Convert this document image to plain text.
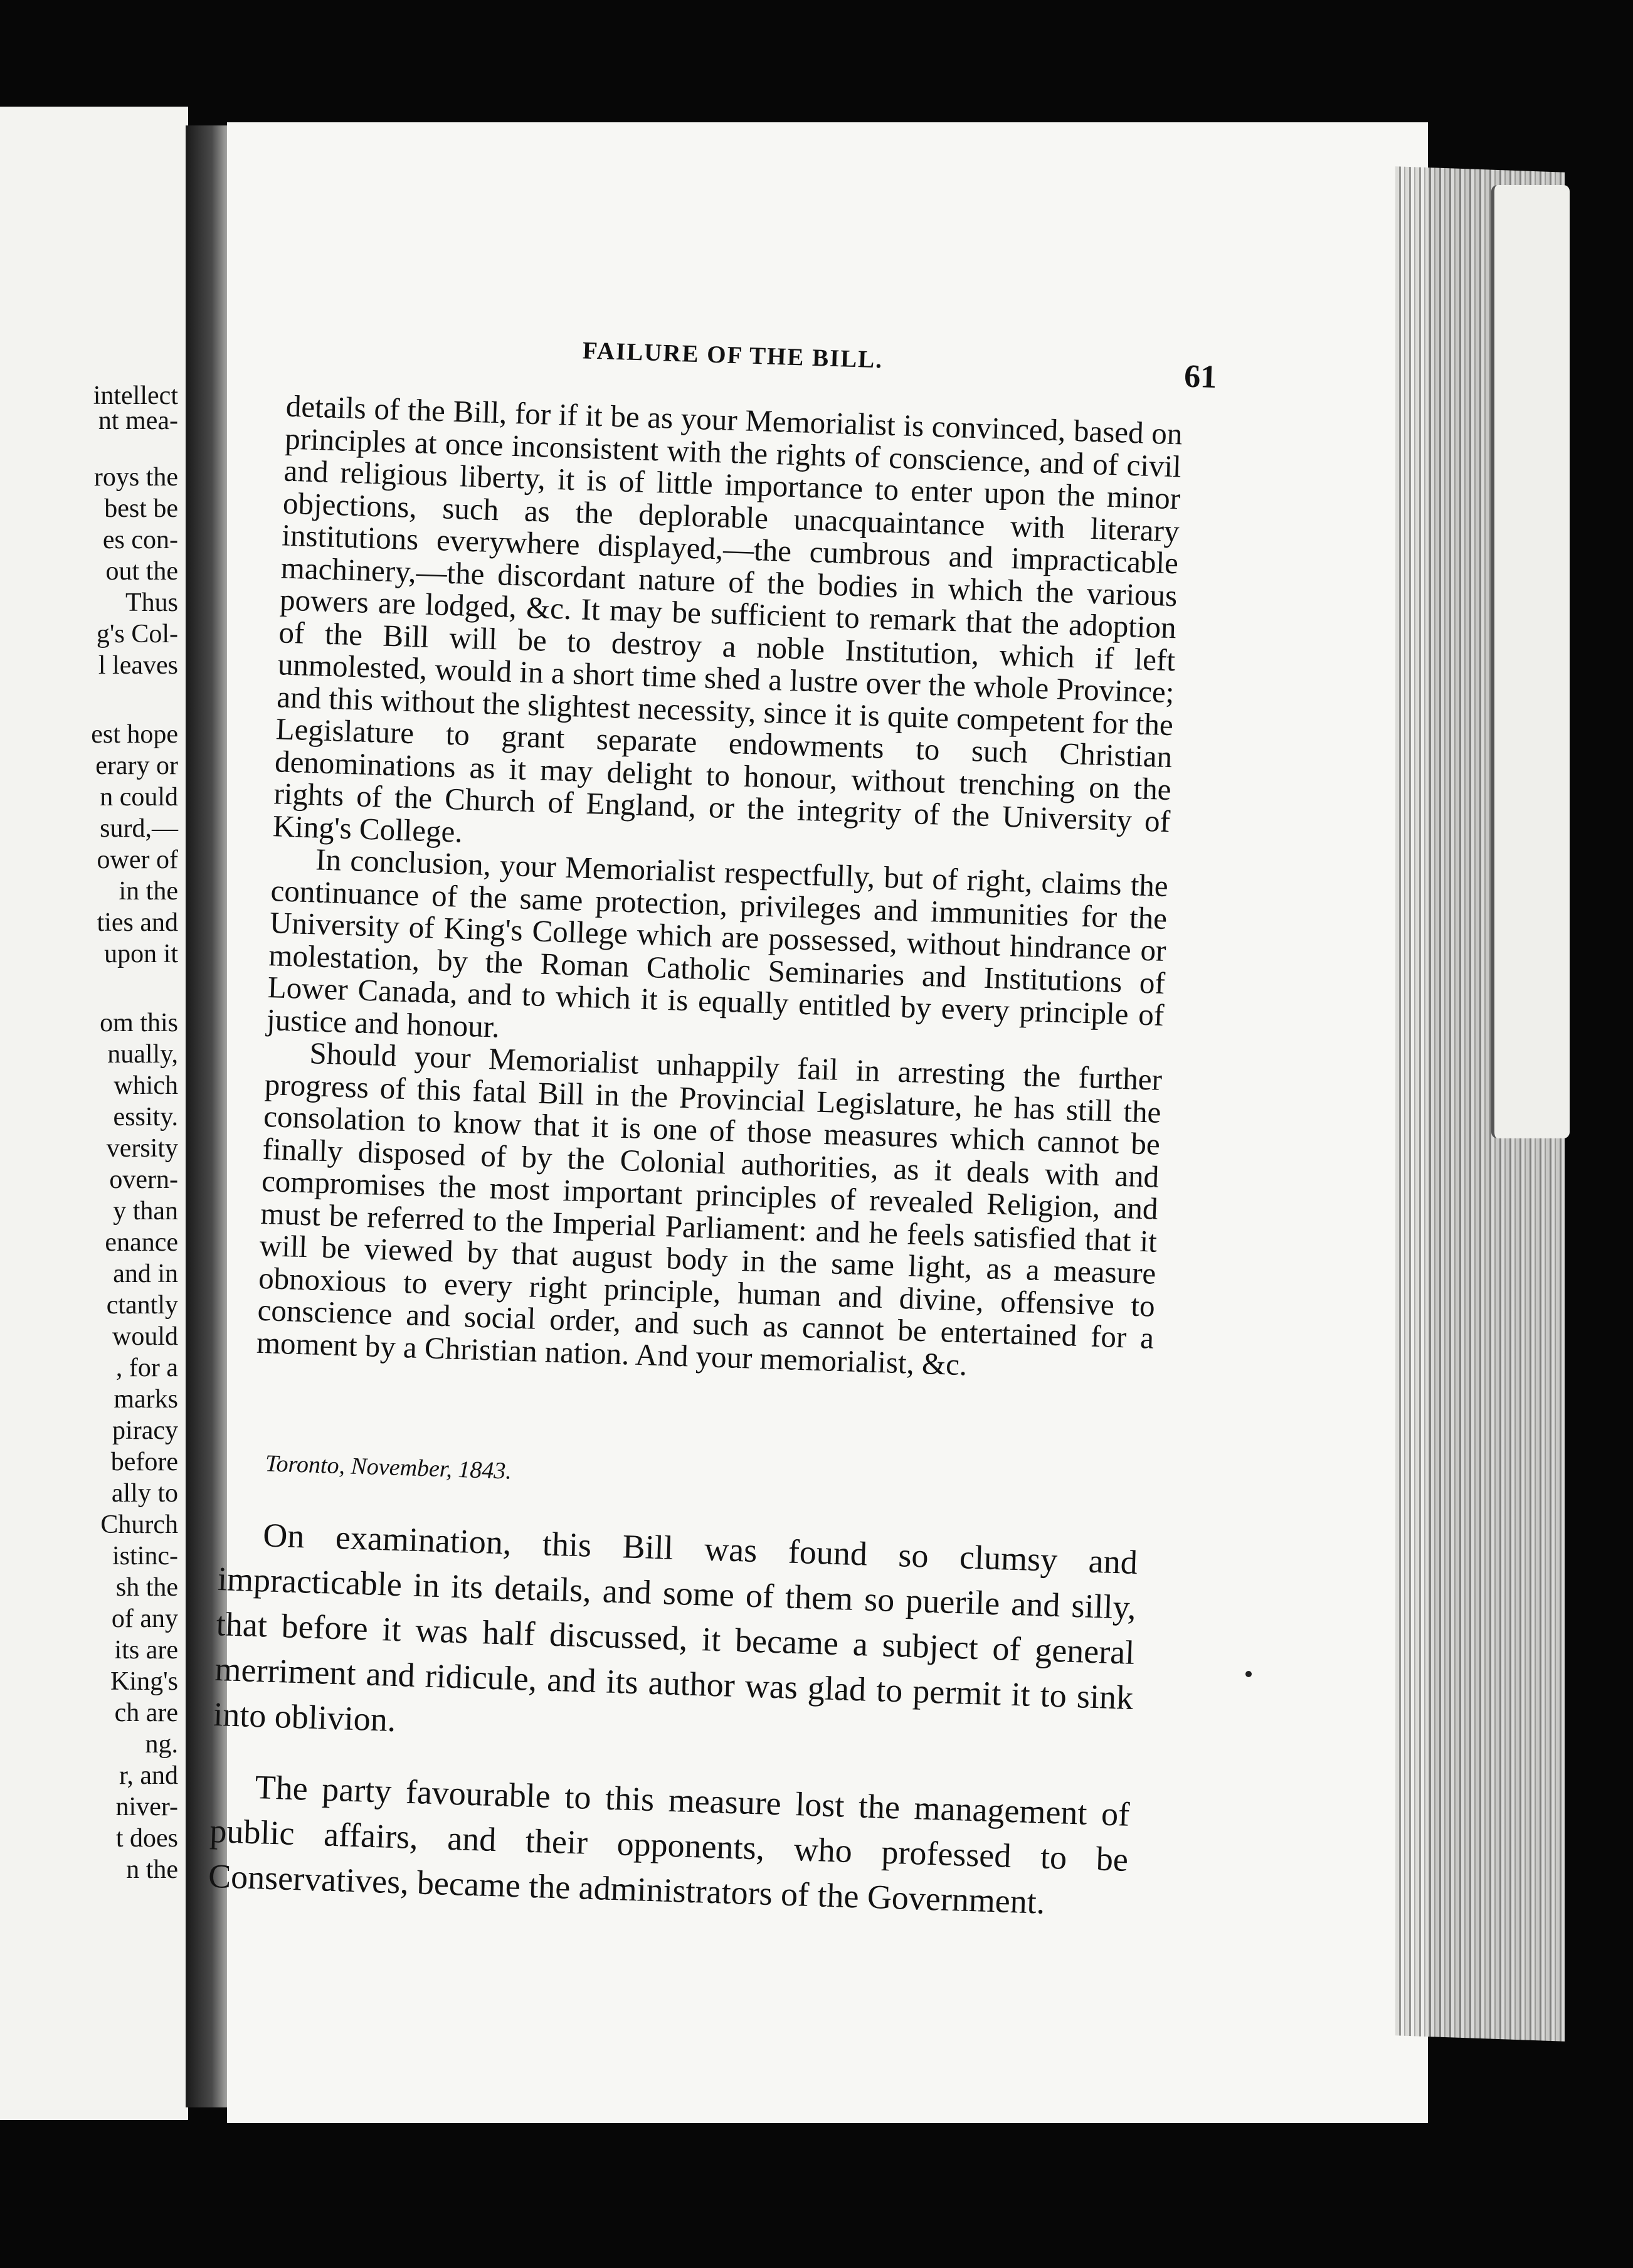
intellect
nt mea-
roys the
best be
es con-
out the
Thus
g's Col-
l leaves
est hope
erary or
n could
surd,—
ower of
in the
ties and
upon it
om this
nually,
which
essity.
versity
overn-
y than
enance
and in
ctantly
would
, for a
marks
piracy
before
ally to
Church
istinc-
sh the
of any
its are
King's
ch are
ng.
r, and
niver-
t does
n the
FAILURE OF THE BILL.
61

details of the Bill, for if it be as your Memorialist is convinced, based on principles at once inconsistent with the rights of conscience, and of civil and religious liberty, it is of little importance to enter upon the minor objections, such as the deplorable unacquaintance with literary institutions everywhere displayed,—the cumbrous and impracticable machinery,—the discordant nature of the bodies in which the various powers are lodged, &c. It may be sufficient to remark that the adoption of the Bill will be to destroy a noble Institution, which if left unmolested, would in a short time shed a lustre over the whole Province; and this without the slightest necessity, since it is quite competent for the Legislature to grant separate endowments to such Christian denominations as it may delight to honour, without trenching on the rights of the Church of England, or the integrity of the University of King's College.

In conclusion, your Memorialist respectfully, but of right, claims the continuance of the same protection, privileges and immunities for the University of King's College which are possessed, without hindrance or molestation, by the Roman Catholic Seminaries and Institutions of Lower Canada, and to which it is equally entitled by every principle of justice and honour.

Should your Memorialist unhappily fail in arresting the further progress of this fatal Bill in the Provincial Legislature, he has still the consolation to know that it is one of those measures which cannot be finally disposed of by the Colonial authorities, as it deals with and compromises the most important principles of revealed Religion, and must be referred to the Imperial Parliament: and he feels satisfied that it will be viewed by that august body in the same light, as a measure obnoxious to every right principle, human and divine, offensive to conscience and social order, and such as cannot be entertained for a moment by a Christian nation. And your memorialist, &c.

Toronto, November, 1843.

On examination, this Bill was found so clumsy and impracticable in its details, and some of them so puerile and silly, that before it was half discussed, it became a subject of general merriment and ridicule, and its author was glad to permit it to sink into oblivion.

The party favourable to this measure lost the management of public affairs, and their opponents, who professed to be Conservatives, became the administrators of the Government.
